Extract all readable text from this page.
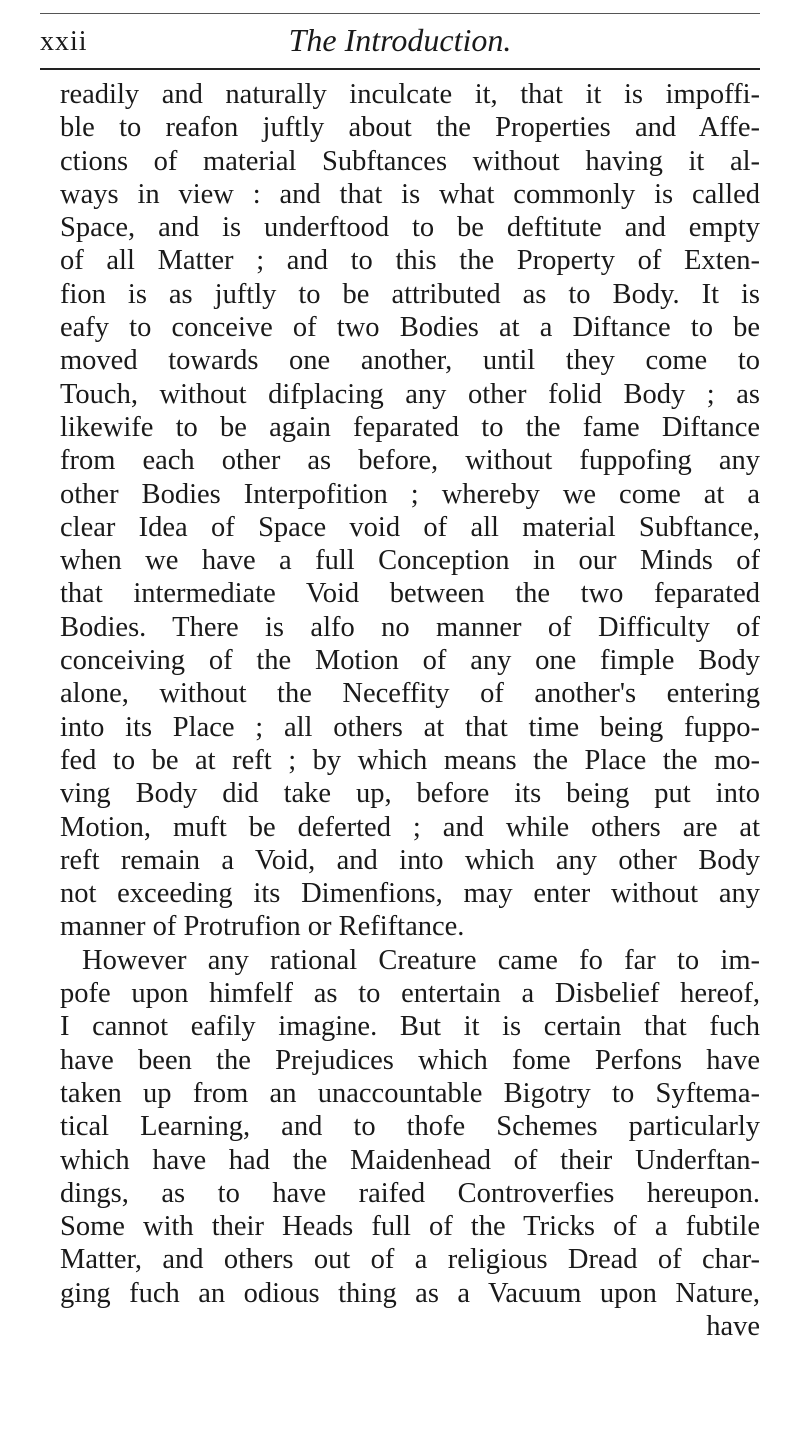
xxii	The Introduction.
readily and naturally inculcate it, that it is impoffi-
ble to reafon juftly about the Properties and Affe-
ctions of material Subftances without having it al-
ways in view : and that is what commonly is called
Space, and is underftood to be deftitute and empty
of all Matter ; and to this the Property of Exten-
fion is as juftly to be attributed as to Body. It is
eafy to conceive of two Bodies at a Diftance to be
moved towards one another, until they come to
Touch, without difplacing any other folid Body ; as
likewife to be again feparated to the fame Diftance
from each other as before, without fuppofing any
other Bodies Interpofition ; whereby we come at a
clear Idea of Space void of all material Subftance,
when we have a full Conception in our Minds of
that intermediate Void between the two feparated
Bodies. There is alfo no manner of Difficulty of
conceiving of the Motion of any one fimple Body
alone, without the Neceffity of another's entering
into its Place ; all others at that time being fuppo-
fed to be at reft ; by which means the Place the mo-
ving Body did take up, before its being put into
Motion, muft be deferted ; and while others are at
reft remain a Void, and into which any other Body
not exceeding its Dimenfions, may enter without any
manner of Protrufion or Refiftance.
However any rational Creature came fo far to im-
pofe upon himfelf as to entertain a Disbelief hereof,
I cannot eafily imagine. But it is certain that fuch
have been the Prejudices which fome Perfons have
taken up from an unaccountable Bigotry to Syftema-
tical Learning, and to thofe Schemes particularly
which have had the Maidenhead of their Underftan-
dings, as to have raifed Controverfies hereupon.
Some with their Heads full of the Tricks of a fubtile
Matter, and others out of a religious Dread of char-
ging fuch an odious thing as a Vacuum upon Nature,
have
